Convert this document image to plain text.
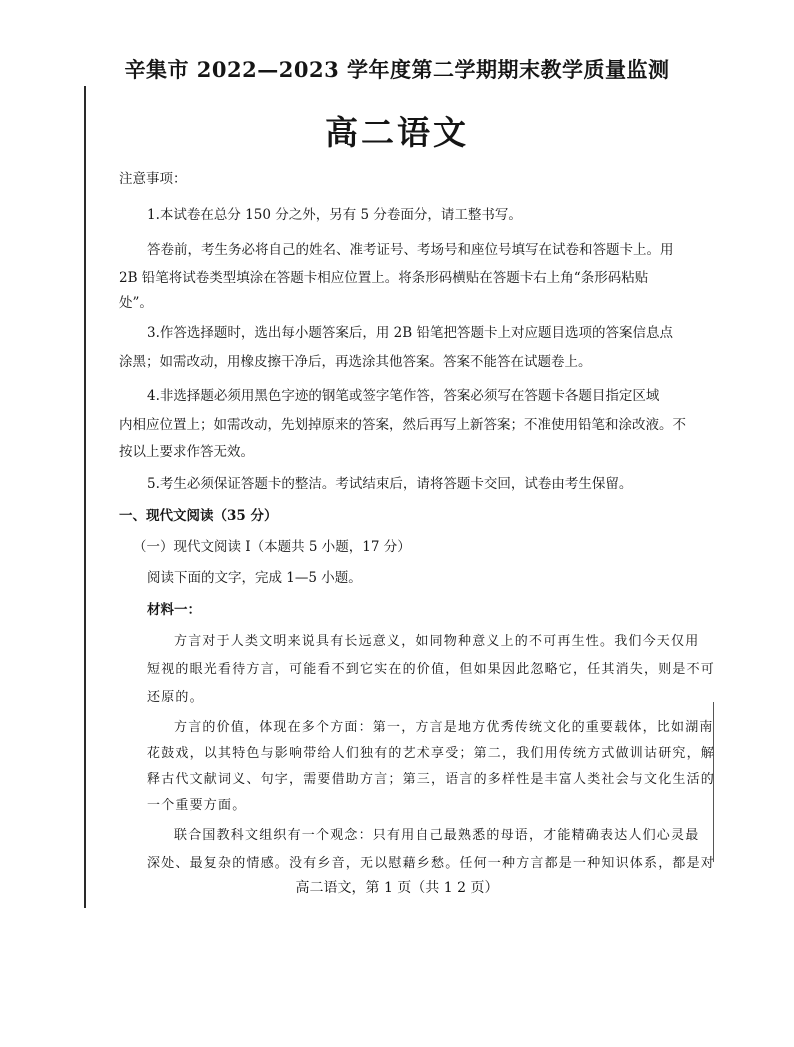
辛集市 2022—2023 学年度第二学期期末教学质量监测
高二语文
注意事项：
1.本试卷在总分 150 分之外，另有 5 分卷面分，请工整书写。
答卷前，考生务必将自己的姓名、准考证号、考场号和座位号填写在试卷和答题卡上。用
2B 铅笔将试卷类型填涂在答题卡相应位置上。将条形码横贴在答题卡右上角“条形码粘贴
处”。
3.作答选择题时，选出每小题答案后，用 2B 铅笔把答题卡上对应题目选项的答案信息点
涂黑；如需改动，用橡皮擦干净后，再选涂其他答案。答案不能答在试题卷上。
4.非选择题必须用黑色字迹的钢笔或签字笔作答，答案必须写在答题卡各题目指定区域
内相应位置上；如需改动，先划掉原来的答案，然后再写上新答案；不准使用铅笔和涂改液。不
按以上要求作答无效。
5.考生必须保证答题卡的整洁。考试结束后，请将答题卡交回，试卷由考生保留。
一、现代文阅读（35 分）
（一）现代文阅读 I（本题共 5 小题，17 分）
阅读下面的文字，完成 1—5 小题。
材料一：
方言对于人类文明来说具有长远意义，如同物种意义上的不可再生性。我们今天仅用
短视的眼光看待方言，可能看不到它实在的价值，但如果因此忽略它，任其消失，则是不可
还原的。
方言的价值，体现在多个方面：第一，方言是地方优秀传统文化的重要载体，比如湖南
花鼓戏，以其特色与影响带给人们独有的艺术享受；第二，我们用传统方式做训诂研究，解
释古代文献词义、句字，需要借助方言；第三，语言的多样性是丰富人类社会与文化生活的
一个重要方面。
联合国教科文组织有一个观念：只有用自己最熟悉的母语，才能精确表达人们心灵最
深处、最复杂的情感。没有乡音，无以慰藉乡愁。任何一种方言都是一种知识体系，都是对
高二语文，第 1 页（共 1 2 页）
